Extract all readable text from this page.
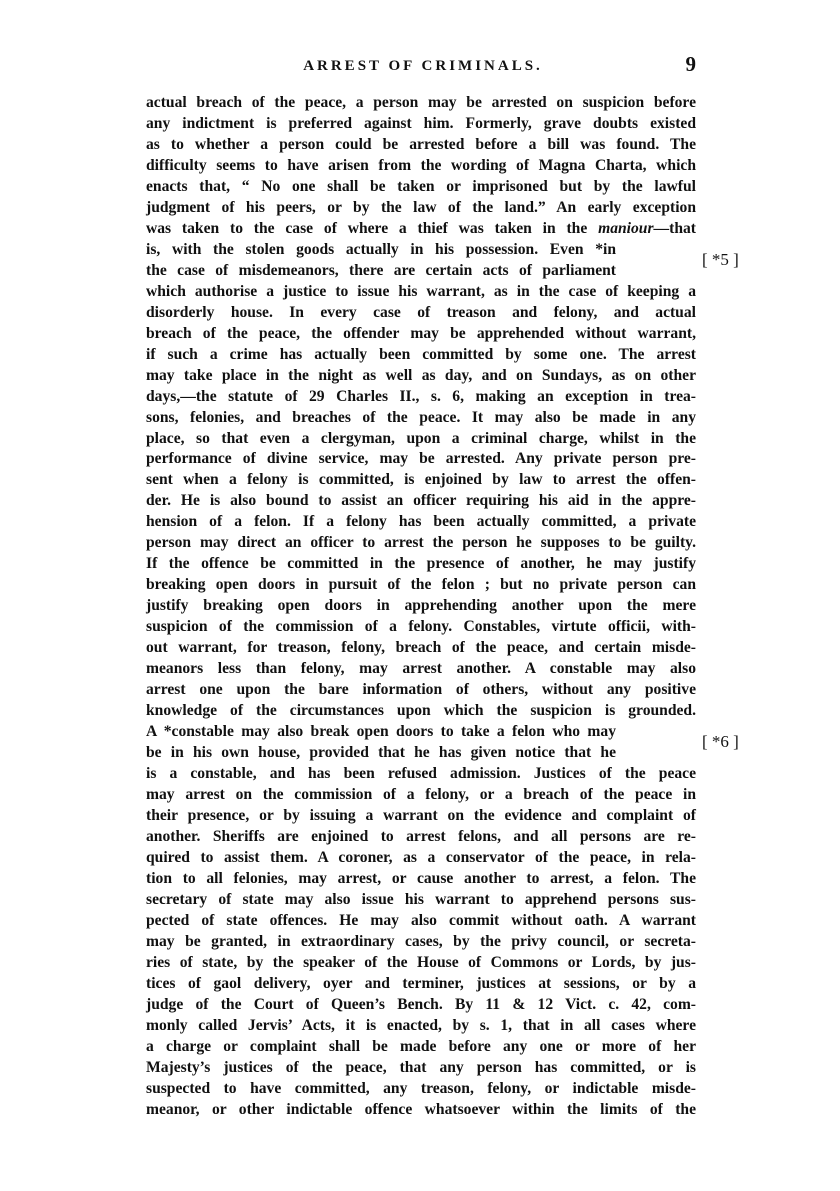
ARREST OF CRIMINALS.	9
actual breach of the peace, a person may be arrested on suspicion before
any indictment is preferred against him. Formerly, grave doubts existed
as to whether a person could be arrested before a bill was found. The
difficulty seems to have arisen from the wording of Magna Charta, which
enacts that, “ No one shall be taken or imprisoned but by the lawful
judgment of his peers, or by the law of the land.” An early exception
was taken to the case of where a thief was taken in the maniour—that
is, with the stolen goods actually in his possession. Even *in
[ *5 ]
the case of misdemeanors, there are certain acts of parliament
which authorise a justice to issue his warrant, as in the case of keeping a
disorderly house. In every case of treason and felony, and actual
breach of the peace, the offender may be apprehended without warrant,
if such a crime has actually been committed by some one. The arrest
may take place in the night as well as day, and on Sundays, as on other
days,—the statute of 29 Charles II., s. 6, making an exception in trea-
sons, felonies, and breaches of the peace. It may also be made in any
place, so that even a clergyman, upon a criminal charge, whilst in the
performance of divine service, may be arrested. Any private person pre-
sent when a felony is committed, is enjoined by law to arrest the offen-
der. He is also bound to assist an officer requiring his aid in the appre-
hension of a felon. If a felony has been actually committed, a private
person may direct an officer to arrest the person he supposes to be guilty.
If the offence be committed in the presence of another, he may justify
breaking open doors in pursuit of the felon ; but no private person can
justify breaking open doors in apprehending another upon the mere
suspicion of the commission of a felony. Constables, virtute officii, with-
out warrant, for treason, felony, breach of the peace, and certain misde-
meanors less than felony, may arrest another. A constable may also
arrest one upon the bare information of others, without any positive
knowledge of the circumstances upon which the suspicion is grounded.
A *constable may also break open doors to take a felon who may
[ *6 ]
be in his own house, provided that he has given notice that he
is a constable, and has been refused admission. Justices of the peace
may arrest on the commission of a felony, or a breach of the peace in
their presence, or by issuing a warrant on the evidence and complaint of
another. Sheriffs are enjoined to arrest felons, and all persons are re-
quired to assist them. A coroner, as a conservator of the peace, in rela-
tion to all felonies, may arrest, or cause another to arrest, a felon. The
secretary of state may also issue his warrant to apprehend persons sus-
pected of state offences. He may also commit without oath. A warrant
may be granted, in extraordinary cases, by the privy council, or secreta-
ries of state, by the speaker of the House of Commons or Lords, by jus-
tices of gaol delivery, oyer and terminer, justices at sessions, or by a
judge of the Court of Queen’s Bench. By 11 & 12 Vict. c. 42, com-
monly called Jervis’ Acts, it is enacted, by s. 1, that in all cases where
a charge or complaint shall be made before any one or more of her
Majesty’s justices of the peace, that any person has committed, or is
suspected to have committed, any treason, felony, or indictable misde-
meanor, or other indictable offence whatsoever within the limits of the
